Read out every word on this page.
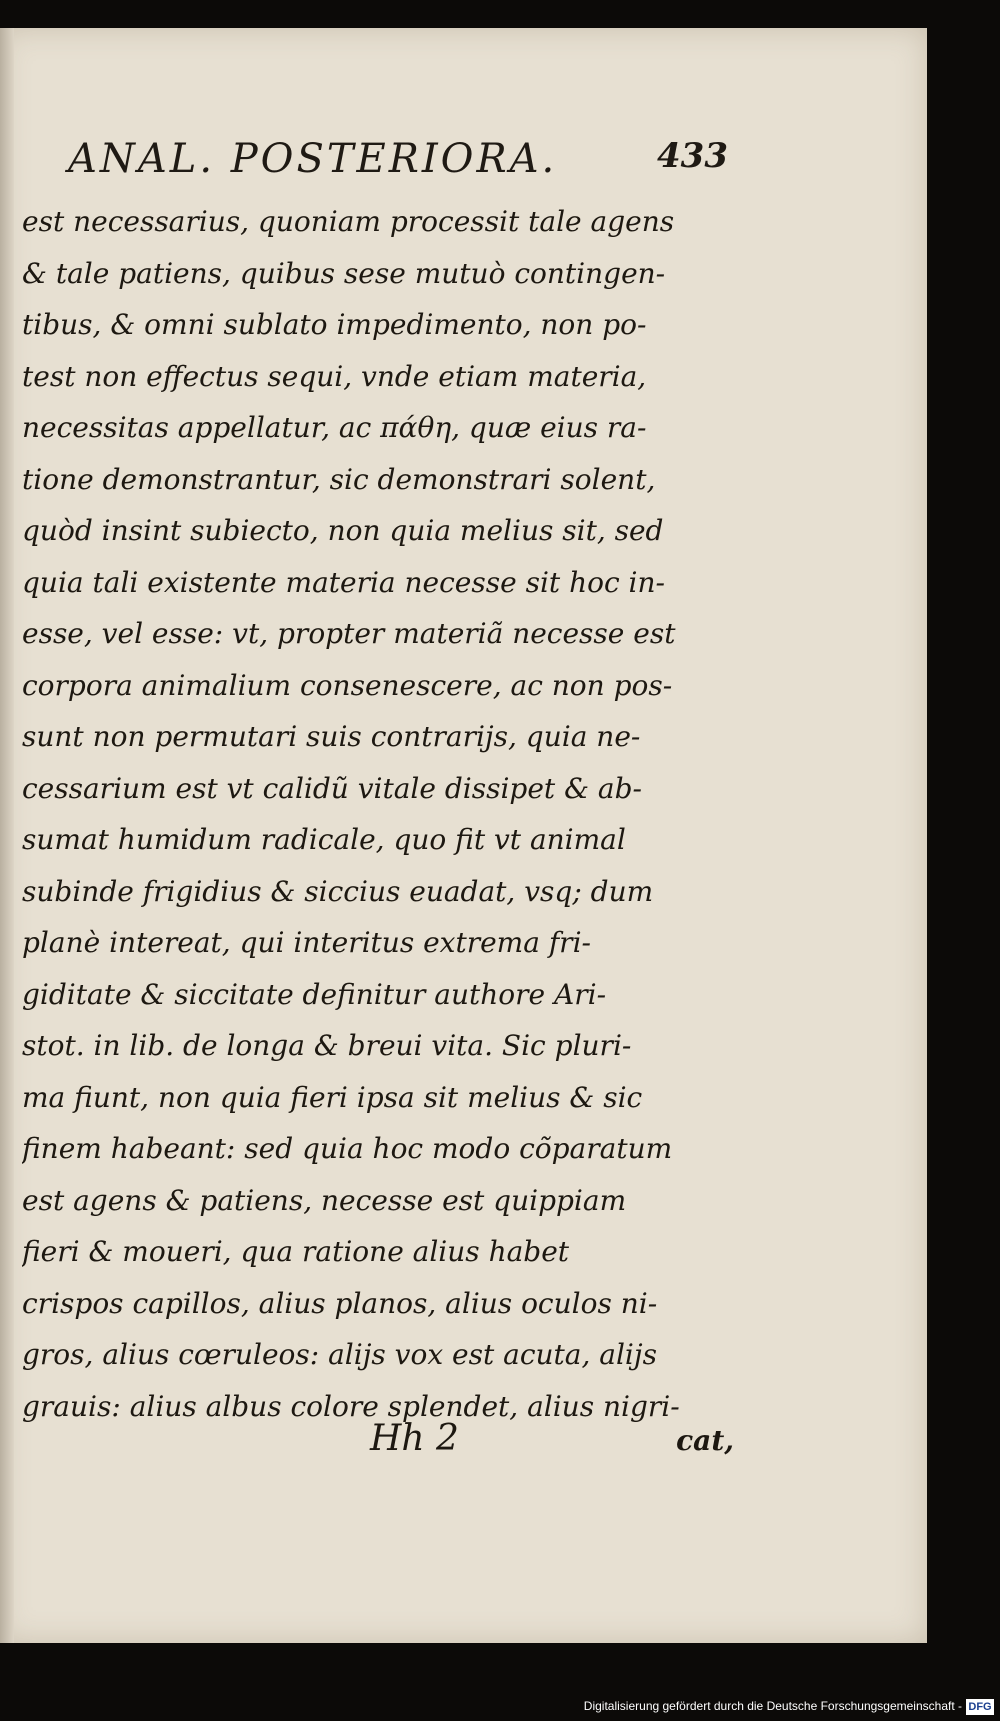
ANAL. POSTERIORA.	433
est necessarius, quoniam processit tale agens
& tale patiens, quibus sese mutuò contingen-
tibus, & omni sublato impedimento, non po-
test non effectus sequi, vnde etiam materia,
necessitas appellatur, ac πάθη, quæ eius ra-
tione demonstrantur, sic demonstrari solent,
quòd insint subiecto, non quia melius sit, sed
quia tali existente materia necesse sit hoc in-
esse, vel esse: vt, propter materiã necesse est
corpora animalium consenescere, ac non pos-
sunt non permutari suis contrarijs, quia ne-
cessarium est vt calidũ vitale dissipet & ab-
sumat humidum radicale, quo fit vt animal
subinde frigidius & siccius euadat, vsq; dum
planè intereat, qui interitus extrema fri-
giditate & siccitate definitur authore Ari-
stot. in lib. de longa & breui vita. Sic pluri-
ma fiunt, non quia fieri ipsa sit melius & sic
finem habeant: sed quia hoc modo cõparatum
est agens & patiens, necesse est quippiam
fieri & moueri, qua ratione alius habet
crispos capillos, alius planos, alius oculos ni-
gros, alius cœruleos: alijs vox est acuta, alijs
grauis: alius albus colore splendet, alius nigri-
Hh 2	cat,
Digitalisierung gefördert durch die Deutsche Forschungsgemeinschaft - DFG
